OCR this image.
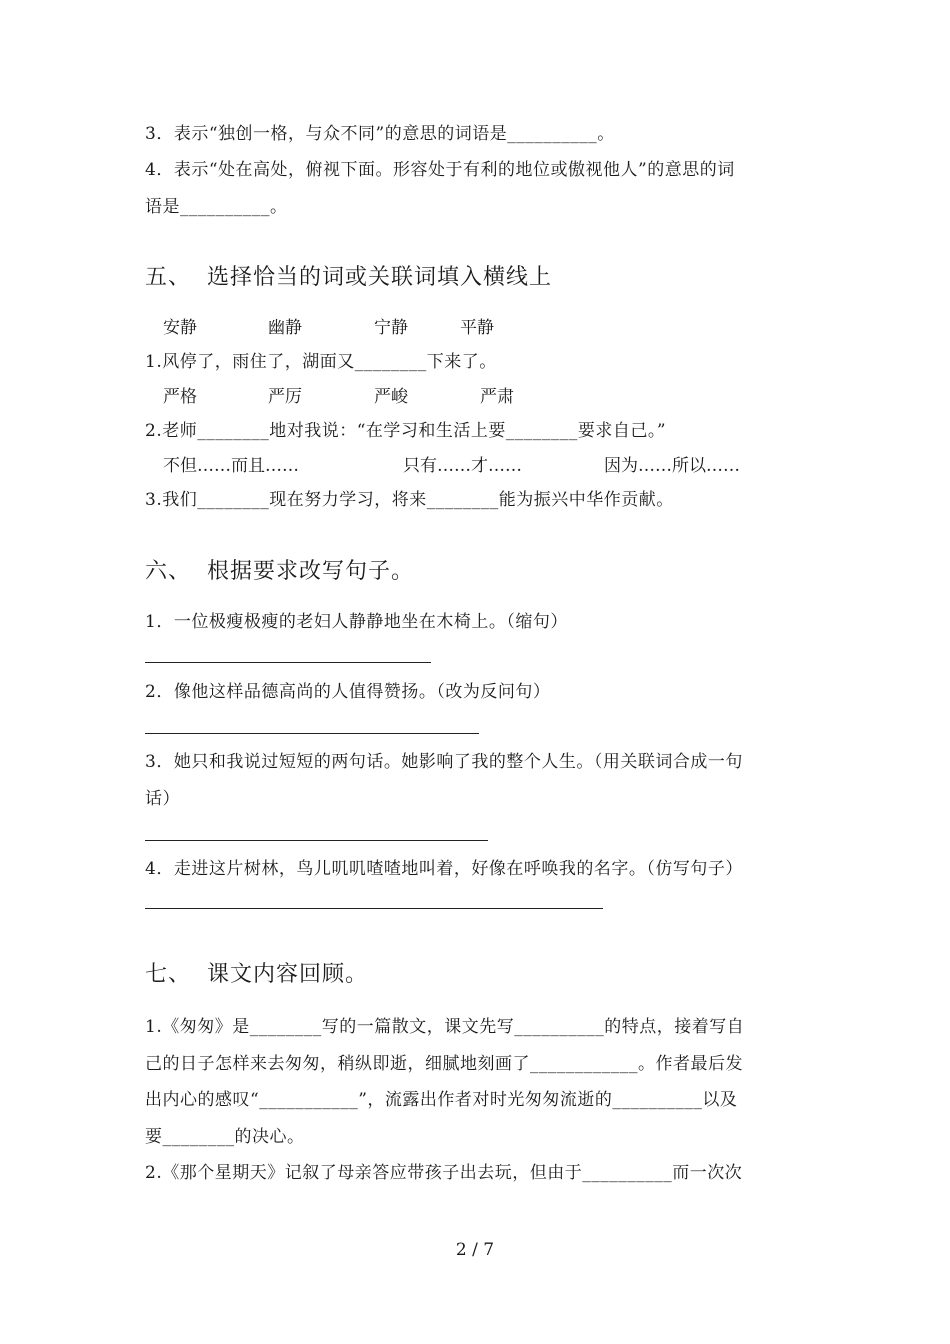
3．表示“独创一格，与众不同”的意思的词语是__________。
4．表示“处在高处，俯视下面。形容处于有利的地位或傲视他人”的意思的词
语是__________。
五、  选择恰当的词或关联词填入横线上
安静	幽静	宁静	平静
1.风停了，雨住了，湖面又________下来了。
严格	严厉	严峻	严肃
2.老师________地对我说：“在学习和生活上要________要求自己。”
不但……而且……	只有……才……	因为……所以……
3.我们________现在努力学习，将来________能为振兴中华作贡献。
六、  根据要求改写句子。
1．一位极瘦极瘦的老妇人静静地坐在木椅上。（缩句）
2．像他这样品德高尚的人值得赞扬。（改为反问句）
3．她只和我说过短短的两句话。她影响了我的整个人生。（用关联词合成一句
话）
4．走进这片树林，鸟儿叽叽喳喳地叫着，好像在呼唤我的名字。（仿写句子）
七、  课文内容回顾。
1.《匆匆》是________写的一篇散文，课文先写__________的特点，接着写自
己的日子怎样来去匆匆，稍纵即逝，细腻地刻画了____________。作者最后发
出内心的感叹“___________”，流露出作者对时光匆匆流逝的__________以及
要________的决心。
2.《那个星期天》记叙了母亲答应带孩子出去玩，但由于__________而一次次
2 / 7
